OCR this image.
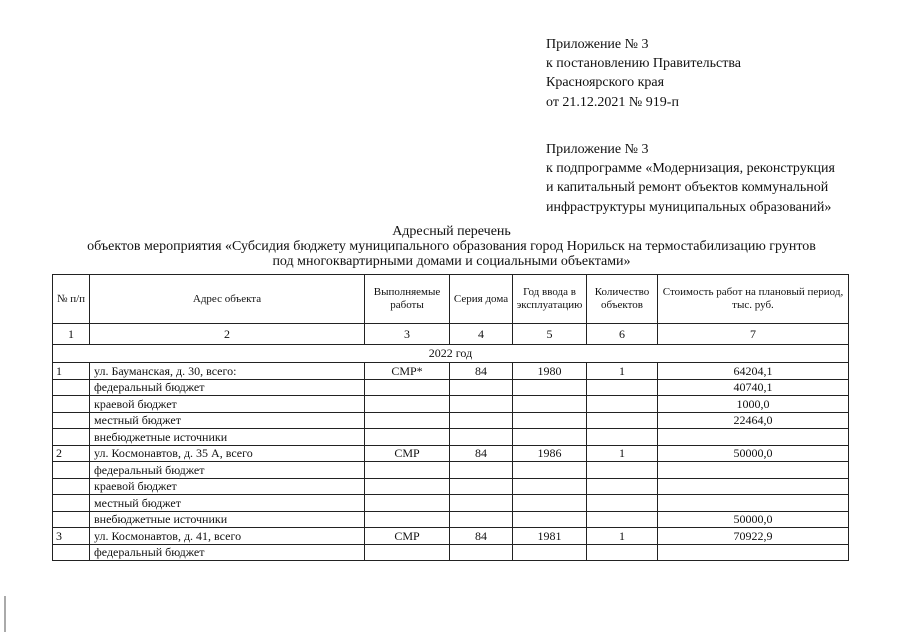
Приложение № 3
к постановлению Правительства
Красноярского края
от 21.12.2021 № 919-п
Приложение № 3
к подпрограмме «Модернизация, реконструкция
и капитальный ремонт объектов коммунальной
инфраструктуры муниципальных образований»
Адресный перечень
объектов мероприятия «Субсидия бюджету муниципального образования город Норильск на термостабилизацию грунтов
под многоквартирными домами и социальными объектами»
№ п/п	Адрес объекта	Выполняемые работы	Серия дома	Год ввода в эксплуатацию	Количество объектов	Стоимость работ на плановый период, тыс. руб.
1	2	3	4	5	6	7
2022 год						
1	ул. Бауманская, д. 30, всего:	СМР*	84	1980	1	64204,1
	федеральный бюджет					40740,1
	краевой бюджет					1000,0
	местный бюджет					22464,0
	внебюджетные источники					
2	ул. Космонавтов, д. 35 А, всего	СМР	84	1986	1	50000,0
	федеральный бюджет					
	краевой бюджет					
	местный бюджет					
	внебюджетные источники					50000,0
3	ул. Космонавтов, д. 41, всего	СМР	84	1981	1	70922,9
	федеральный бюджет					
